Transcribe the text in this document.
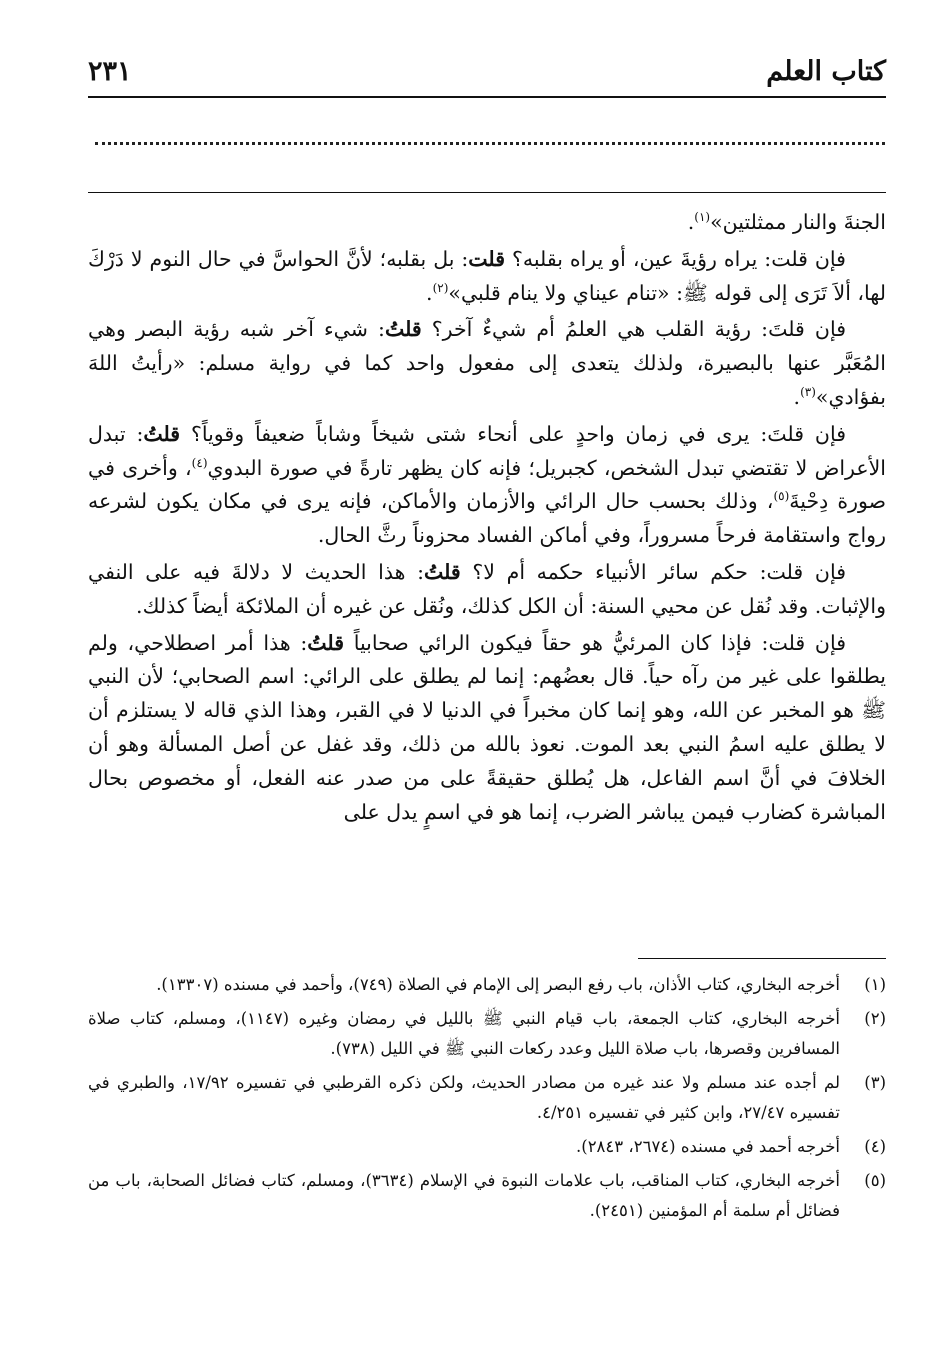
كتاب العلم
٢٣١

الجنةَ والنار ممثلتين»$^{(١)}$.

فإن قلت: يراه رؤيةَ عين، أو يراه بقلبه؟ قلت: بل بقلبه؛ لأنَّ الحواسَّ في حال النوم لا دَرْكَ لها، ألاَ تَرَى إلى قوله ﷺ: «تنام عيناي ولا ينام قلبي»$^{(٢)}$.

فإن قلتَ: رؤية القلب هي العلمُ أم شيءٌ آخر؟ قلتُ: شيء آخر شبه رؤية البصر وهي المُعَبَّر عنها بالبصيرة، ولذلك يتعدى إلى مفعول واحد كما في رواية مسلم: «رأيتُ اللهَ بفؤادي»$^{(٣)}$.

فإن قلتَ: يرى في زمان واحدٍ على أنحاء شتى شيخاً وشاباً ضعيفاً وقوياً؟ قلتُ: تبدل الأعراض لا تقتضي تبدل الشخص، كجبريل؛ فإنه كان يظهر تارةً في صورة البدوي$^{(٤)}$، وأخرى في صورة دِحْيةَ$^{(٥)}$، وذلك بحسب حال الرائي والأزمان والأماكن، فإنه يرى في مكان يكون لشرعه رواج واستقامة فرحاً مسروراً، وفي أماكن الفساد محزوناً رثَّ الحال.

فإن قلت: حكم سائر الأنبياء حكمه أم لا؟ قلتُ: هذا الحديث لا دلالةَ فيه على النفي والإثبات. وقد نُقل عن محيي السنة: أن الكل كذلك، ونُقل عن غيره أن الملائكة أيضاً كذلك.

فإن قلت: فإذا كان المرئيُّ هو حقاً فيكون الرائي صحابياً قلتُ: هذا أمر اصطلاحي، ولم يطلقوا على غير من رآه حياً. قال بعضُهم: إنما لم يطلق على الرائي: اسم الصحابي؛ لأن النبي ﷺ هو المخبر عن الله، وهو إنما كان مخبراً في الدنيا لا في القبر، وهذا الذي قاله لا يستلزم أن لا يطلق عليه اسمُ النبي بعد الموت. نعوذ بالله من ذلك، وقد غفل عن أصل المسألة وهو أن الخلافَ في أنَّ اسم الفاعل، هل يُطلق حقيقةً على من صدر عنه الفعل، أو مخصوص بحال المباشرة كضارب فيمن يباشر الضرب، إنما هو في اسمٍ يدل على

(١)
أخرجه البخاري، كتاب الأذان، باب رفع البصر إلى الإمام في الصلاة (٧٤٩)، وأحمد في مسنده (١٣٣٠٧).
(٢)
أخرجه البخاري، كتاب الجمعة، باب قيام النبي ﷺ بالليل في رمضان وغيره (١١٤٧)، ومسلم، كتاب صلاة المسافرين وقصرها، باب صلاة الليل وعدد ركعات النبي ﷺ في الليل (٧٣٨).
(٣)
لم أجده عند مسلم ولا عند غيره من مصادر الحديث، ولكن ذكره القرطبي في تفسيره ١٧/٩٢، والطبري في تفسيره ٢٧/٤٧، وابن كثير في تفسيره ٤/٢٥١.
(٤)
أخرجه أحمد في مسنده (٢٦٧٤، ٢٨٤٣).
(٥)
أخرجه البخاري، كتاب المناقب، باب علامات النبوة في الإسلام (٣٦٣٤)، ومسلم، كتاب فضائل الصحابة، باب من فضائل أم سلمة أم المؤمنين (٢٤٥١).
